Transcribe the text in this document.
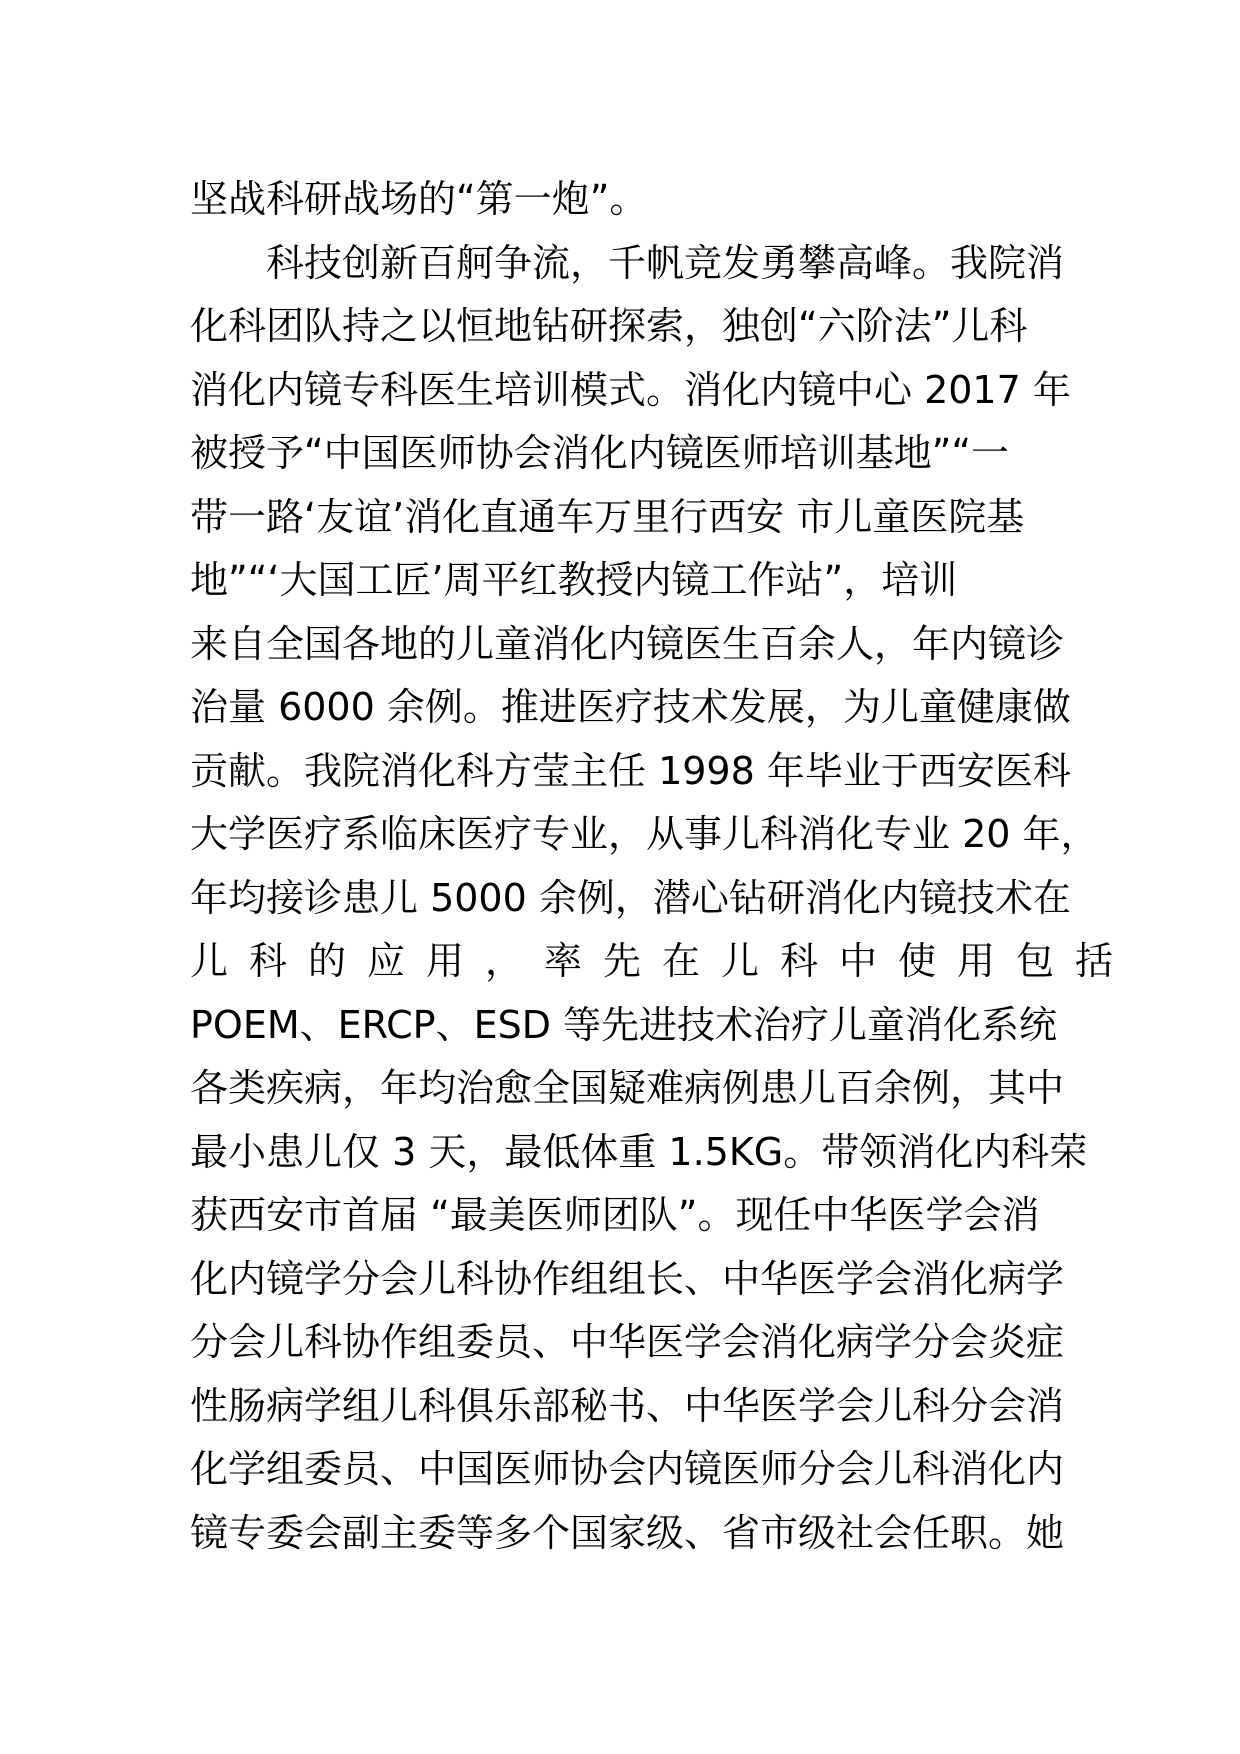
坚战科研战场的“第一炮”。
　　科技创新百舸争流，千帆竞发勇攀高峰。我院消
化科团队持之以恒地钻研探索，独创“六阶法”儿科
消化内镜专科医生培训模式。消化内镜中心 2017 年
被授予“中国医师协会消化内镜医师培训基地”“一
带一路‘友谊’消化直通车万里行西安 市儿童医院基
地”“‘大国工匠’周平红教授内镜工作站”，培训
来自全国各地的儿童消化内镜医生百余人，年内镜诊
治量 6000 余例。推进医疗技术发展，为儿童健康做
贡献。我院消化科方莹主任 1998 年毕业于西安医科
大学医疗系临床医疗专业，从事儿科消化专业 20 年，
年均接诊患儿 5000 余例，潜心钻研消化内镜技术在
儿科的应用，率先在儿科中使用包括
POEM、ERCP、ESD 等先进技术治疗儿童消化系统
各类疾病，年均治愈全国疑难病例患儿百余例，其中
最小患儿仅 3 天，最低体重 1.5KG。带领消化内科荣
获西安市首届 “最美医师团队”。现任中华医学会消
化内镜学分会儿科协作组组长、中华医学会消化病学
分会儿科协作组委员、中华医学会消化病学分会炎症
性肠病学组儿科俱乐部秘书、中华医学会儿科分会消
化学组委员、中国医师协会内镜医师分会儿科消化内
镜专委会副主委等多个国家级、省市级社会任职。她
